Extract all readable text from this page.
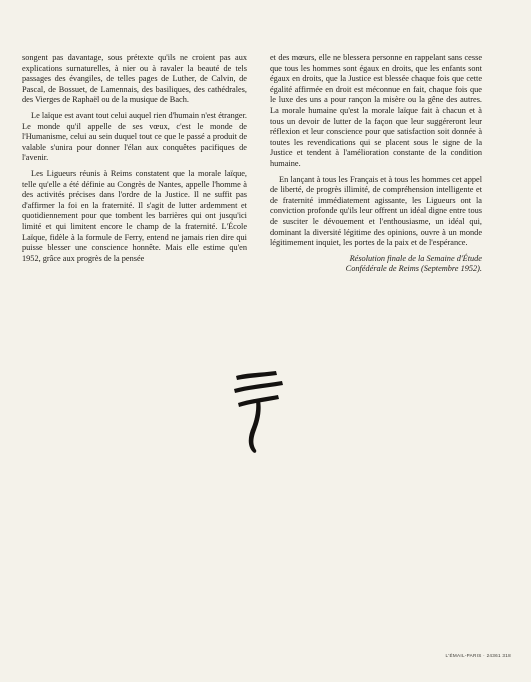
songent pas davantage, sous prétexte qu'ils ne croient pas aux explications surnaturelles, à nier ou à ravaler la beauté de tels passages des évangiles, de telles pages de Luther, de Calvin, de Pascal, de Bossuet, de Lamennais, des basiliques, des cathédrales, des Vierges de Raphaël ou de la musique de Bach.

Le laïque est avant tout celui auquel rien d'humain n'est étranger. Le monde qu'il appelle de ses vœux, c'est le monde de l'Humanisme, celui au sein duquel tout ce que le passé a produit de valable s'unira pour donner l'élan aux conquêtes pacifiques de l'avenir.

Les Ligueurs réunis à Reims constatent que la morale laïque, telle qu'elle a été définie au Congrès de Nantes, appelle l'homme à des activités précises dans l'ordre de la Justice. Il ne suffit pas d'affirmer la foi en la fraternité. Il s'agit de lutter ardemment et quotidiennement pour que tombent les barrières qui ont jusqu'ici limité et qui limitent encore le champ de la fraternité. L'École Laïque, fidèle à la formule de Ferry, entend ne jamais rien dire qui puisse blesser une conscience honnête. Mais elle estime qu'en 1952, grâce aux progrès de la pensée

et des mœurs, elle ne blessera personne en rappelant sans cesse que tous les hommes sont égaux en droits, que les enfants sont égaux en droits, que la Justice est blessée chaque fois que cette égalité affirmée en droit est méconnue en fait, chaque fois que le luxe des uns a pour rançon la misère ou la gêne des autres. La morale humaine qu'est la morale laïque fait à chacun et à tous un devoir de lutter de la façon que leur suggéreront leur réflexion et leur conscience pour que satisfaction soit donnée à toutes les revendications qui se placent sous le signe de la Justice et tendent à l'amélioration constante de la condition humaine.

En lançant à tous les Français et à tous les hommes cet appel de liberté, de progrès illimité, de compréhension intelligente et de fraternité immédiatement agissante, les Ligueurs ont la conviction profonde qu'ils leur offrent un idéal digne entre tous de susciter le dévouement et l'enthousiasme, un idéal qui, dominant la diversité légitime des opinions, ouvre à un monde légitimement inquiet, les portes de la paix et de l'espérance.

Résolution finale de la Semaine d'Étude
Confédérale de Reims (Septembre 1952).
L'ÉMAIL-PARIS · 24361 318
